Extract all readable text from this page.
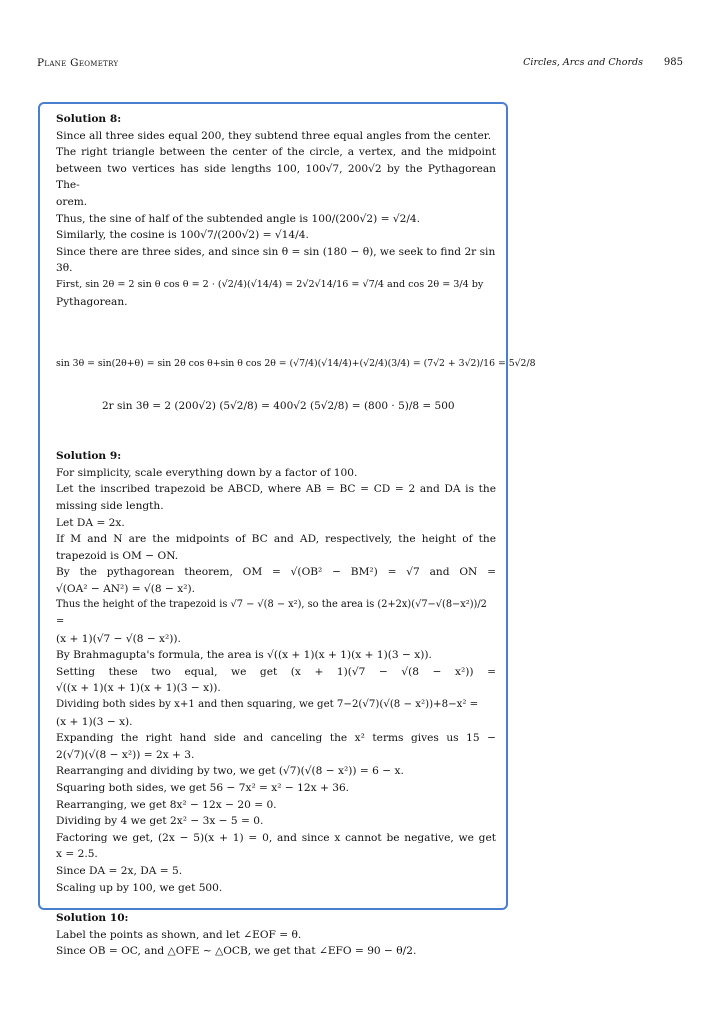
Plane Geometry	Circles, Arcs and Chords 985

Solution 8:

Since all three sides equal 200, they subtend three equal angles from the center.

The right triangle between the center of the circle, a vertex, and the midpoint

between two vertices has side lengths 100, 100√7, 200√2 by the Pythagorean The-

orem.

Thus, the sine of half of the subtended angle is 100/(200√2) = √2/4.

Similarly, the cosine is 100√7/(200√2) = √14/4.

Since there are three sides, and since sin θ = sin (180 − θ), we seek to find 2r sin 3θ.

First, sin 2θ = 2 sin θ cos θ = 2 · (√2/4)(√14/4) = 2√2√14/16 = √7/4 and cos 2θ = 3/4 by

Pythagorean.

sin 3θ = sin(2θ+θ) = sin 2θ cos θ+sin θ cos 2θ = (√7/4)(√14/4)+(√2/4)(3/4) = (7√2 + 3√2)/16 = 5√2/8
2r sin 3θ = 2 (200√2) (5√2/8) = 400√2 (5√2/8) = (800 · 5)/8 = 500

Solution 9:

For simplicity, scale everything down by a factor of 100.

Let the inscribed trapezoid be ABCD, where AB = BC = CD = 2 and DA is the

missing side length.

Let DA = 2x.

If M and N are the midpoints of BC and AD, respectively, the height of the

trapezoid is OM − ON.

By the pythagorean theorem, OM = √(OB² − BM²) = √7 and ON =

√(OA² − AN²) = √(8 − x²).

Thus the height of the trapezoid is √7 − √(8 − x²), so the area is (2+2x)(√7−√(8−x²))/2 =

(x + 1)(√7 − √(8 − x²)).

By Brahmagupta's formula, the area is √((x + 1)(x + 1)(x + 1)(3 − x)).

Setting these two equal, we get (x + 1)(√7 − √(8 − x²)) =

√((x + 1)(x + 1)(x + 1)(3 − x)).

Dividing both sides by x+1 and then squaring, we get 7−2(√7)(√(8 − x²))+8−x² =

(x + 1)(3 − x).

Expanding the right hand side and canceling the x² terms gives us 15 −

2(√7)(√(8 − x²)) = 2x + 3.

Rearranging and dividing by two, we get (√7)(√(8 − x²)) = 6 − x.

Squaring both sides, we get 56 − 7x² = x² − 12x + 36.

Rearranging, we get 8x² − 12x − 20 = 0.

Dividing by 4 we get 2x² − 3x − 5 = 0.

Factoring we get, (2x − 5)(x + 1) = 0, and since x cannot be negative, we get

x = 2.5.

Since DA = 2x, DA = 5.

Scaling up by 100, we get 500.

Solution 10:

Label the points as shown, and let ∠EOF = θ.

Since OB = OC, and △OFE ∼ △OCB, we get that ∠EFO = 90 − θ/2.
